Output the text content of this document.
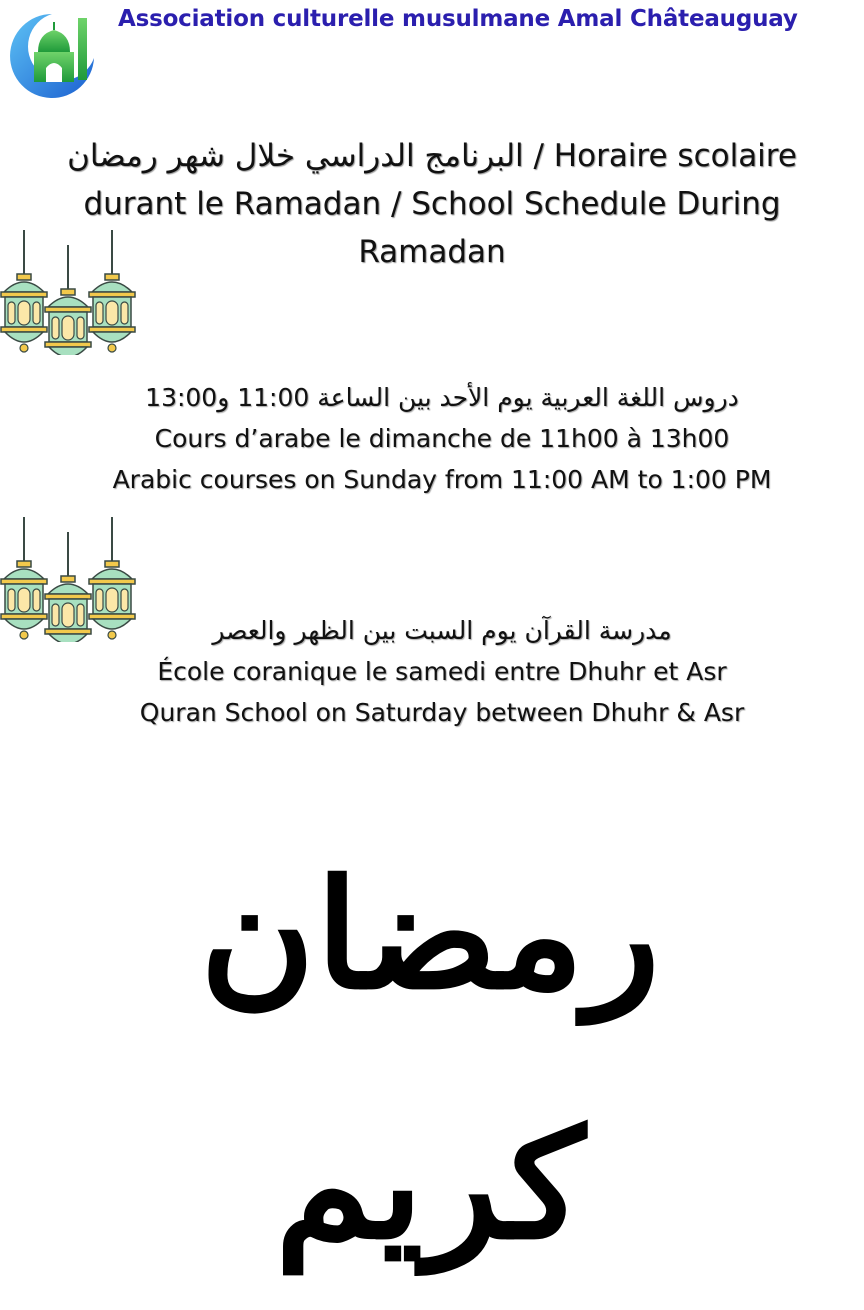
Association culturelle musulmane Amal Châteauguay
البرنامج الدراسي خلال شهر رمضان / Horaire scolaire durant le Ramadan / School Schedule During Ramadan
دروس اللغة العربية يوم الأحد بين الساعة 11:00 و13:00
Cours d’arabe le dimanche de 11h00 à 13h00
Arabic courses on Sunday from 11:00 AM to 1:00 PM
مدرسة القرآن يوم السبت بين الظهر والعصر
École coranique le samedi entre Dhuhr et Asr
Quran School on Saturday between Dhuhr & Asr
رمضان كريم
